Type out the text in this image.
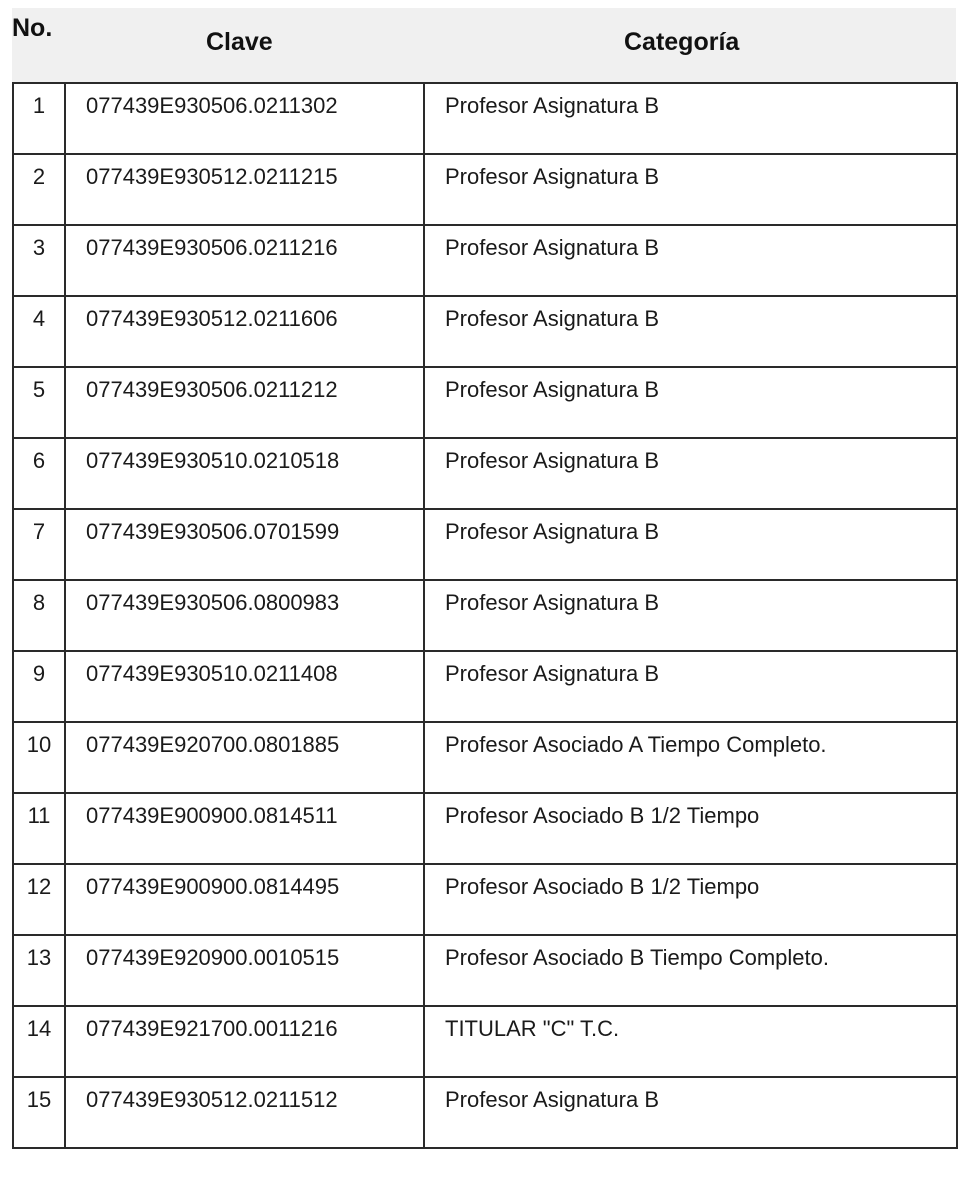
No.	Clave	Categoría
1	077439E930506.0211302	Profesor Asignatura B

2	077439E930512.0211215	Profesor Asignatura B

3	077439E930506.0211216	Profesor Asignatura B

4	077439E930512.0211606	Profesor Asignatura B

5	077439E930506.0211212	Profesor Asignatura B

6	077439E930510.0210518	Profesor Asignatura B

7	077439E930506.0701599	Profesor Asignatura B

8	077439E930506.0800983	Profesor Asignatura B

9	077439E930510.0211408	Profesor Asignatura B

10	077439E920700.0801885	Profesor Asociado A Tiempo Completo.

11	077439E900900.0814511	Profesor Asociado B 1/2 Tiempo

12	077439E900900.0814495	Profesor Asociado B 1/2 Tiempo

13	077439E920900.0010515	Profesor Asociado B Tiempo Completo.

14	077439E921700.0011216	TITULAR "C" T.C.

15	077439E930512.0211512	Profesor Asignatura B
